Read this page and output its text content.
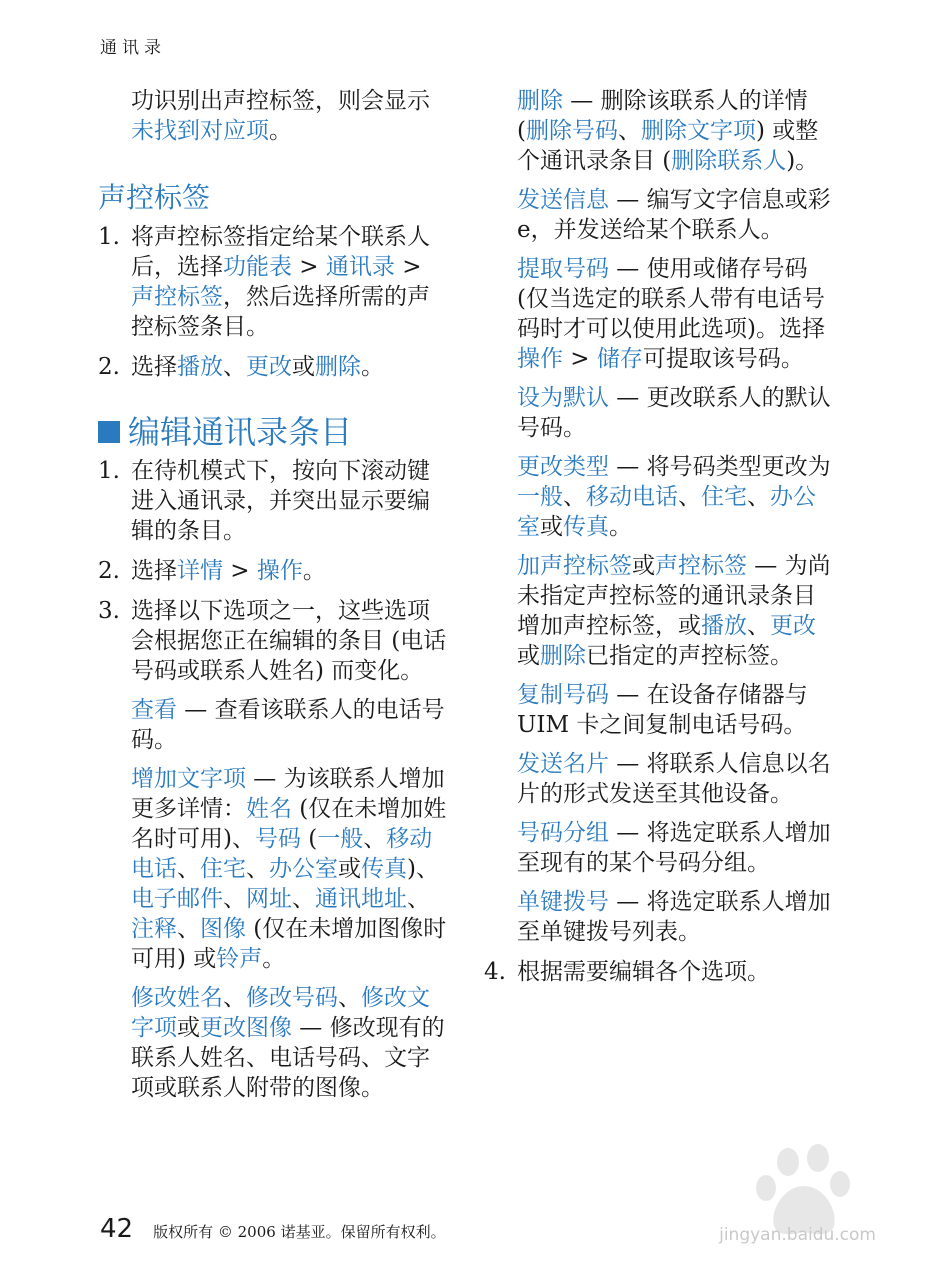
通讯录

功识别出声控标签，则会显示未找到对应项。

声控标签
1. 将声控标签指定给某个联系人后，选择功能表 > 通讯录 > 声控标签，然后选择所需的声控标签条目。

2. 选择播放、更改或删除。

编辑通讯录条目
1. 在待机模式下，按向下滚动键进入通讯录，并突出显示要编辑的条目。

2. 选择详情 > 操作。

3. 选择以下选项之一，这些选项会根据您正在编辑的条目 (电话号码或联系人姓名) 而变化。

查看 — 查看该联系人的电话号码。

增加文字项 — 为该联系人增加更多详情：姓名 (仅在未增加姓名时可用)、号码 (一般、移动电话、住宅、办公室或传真)、电子邮件、网址、通讯地址、注释、图像 (仅在未增加图像时可用) 或铃声。

修改姓名、修改号码、修改文字项或更改图像 — 修改现有的联系人姓名、电话号码、文字项或联系人附带的图像。

删除 — 删除该联系人的详情 (删除号码、删除文字项) 或整个通讯录条目 (删除联系人)。

发送信息 — 编写文字信息或彩 e，并发送给某个联系人。

提取号码 — 使用或储存号码 (仅当选定的联系人带有电话号码时才可以使用此选项)。选择操作 > 储存可提取该号码。

设为默认 — 更改联系人的默认号码。

更改类型 — 将号码类型更改为一般、移动电话、住宅、办公室或传真。

加声控标签或声控标签 — 为尚未指定声控标签的通讯录条目增加声控标签，或播放、更改或删除已指定的声控标签。

复制号码 — 在设备存储器与 UIM 卡之间复制电话号码。

发送名片 — 将联系人信息以名片的形式发送至其他设备。

号码分组 — 将选定联系人增加至现有的某个号码分组。

单键拨号 — 将选定联系人增加至单键拨号列表。

4. 根据需要编辑各个选项。

42 版权所有 © 2006 诺基亚。保留所有权利。	jingyan.baidu.com
